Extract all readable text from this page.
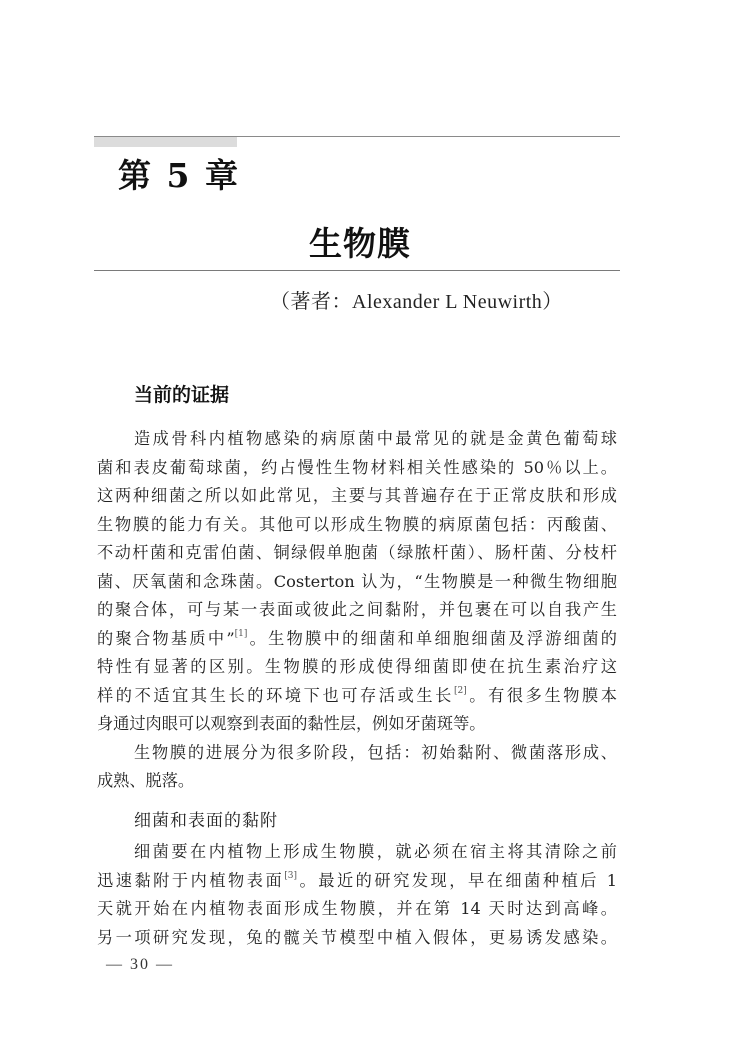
第 5 章
生物膜
（著者：Alexander L Neuwirth）
当前的证据
造成骨科内植物感染的病原菌中最常见的就是金黄色葡萄球
菌和表皮葡萄球菌，约占慢性生物材料相关性感染的 50％以上。
这两种细菌之所以如此常见，主要与其普遍存在于正常皮肤和形成
生物膜的能力有关。其他可以形成生物膜的病原菌包括：丙酸菌、
不动杆菌和克雷伯菌、铜绿假单胞菌（绿脓杆菌）、肠杆菌、分枝杆
菌、厌氧菌和念珠菌。Costerton 认为，“生物膜是一种微生物细胞
的聚合体，可与某一表面或彼此之间黏附，并包裹在可以自我产生
的聚合物基质中”[1]。生物膜中的细菌和单细胞细菌及浮游细菌的
特性有显著的区别。生物膜的形成使得细菌即使在抗生素治疗这
样的不适宜其生长的环境下也可存活或生长[2]。有很多生物膜本
身通过肉眼可以观察到表面的黏性层，例如牙菌斑等。
生物膜的进展分为很多阶段，包括：初始黏附、微菌落形成、
成熟、脱落。
细菌和表面的黏附
细菌要在内植物上形成生物膜，就必须在宿主将其清除之前
迅速黏附于内植物表面[3]。最近的研究发现，早在细菌种植后 1
天就开始在内植物表面形成生物膜，并在第 14 天时达到高峰。
另一项研究发现，兔的髋关节模型中植入假体，更易诱发感染。
— 30 —
